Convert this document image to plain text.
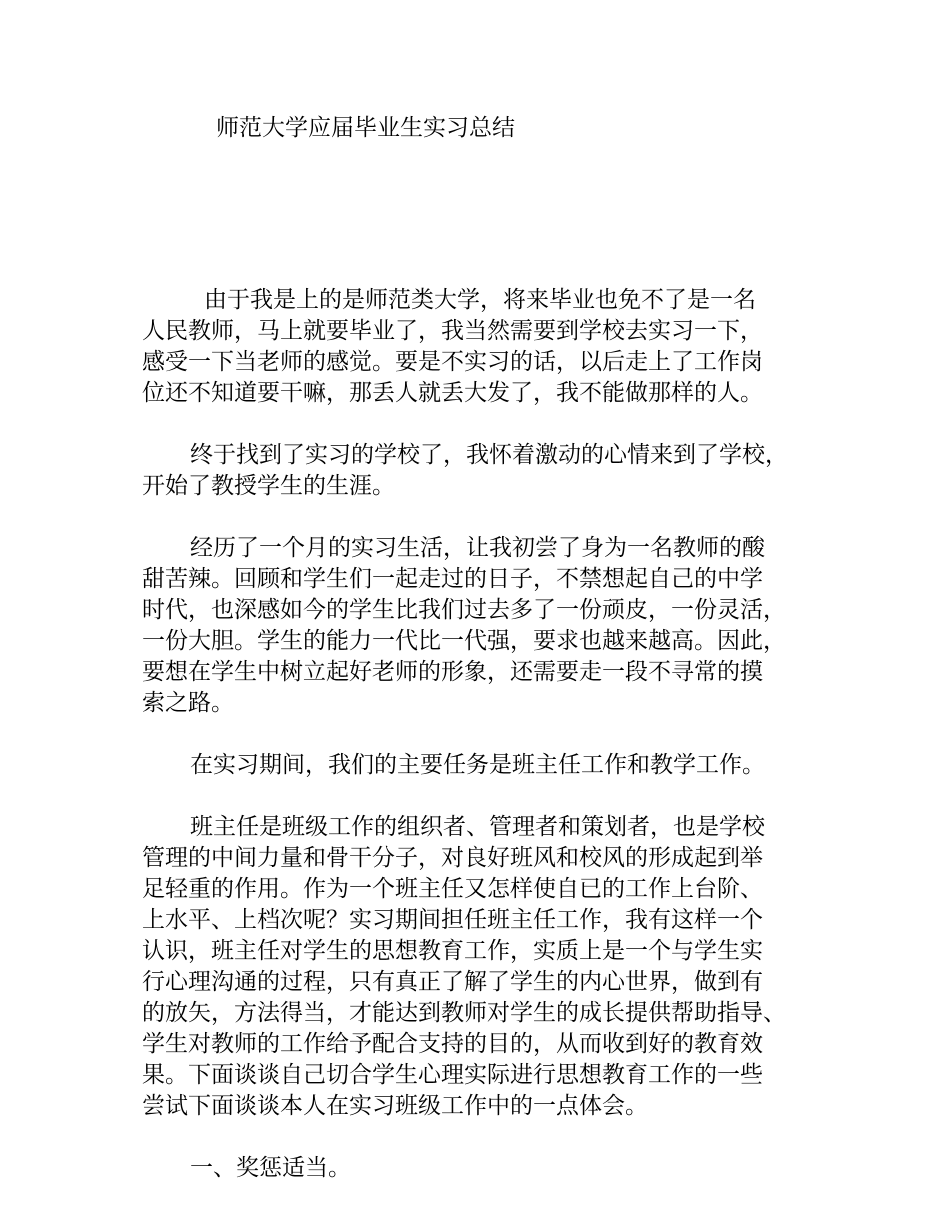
师范大学应届毕业生实习总结

由于我是上的是师范类大学，将来毕业也免不了是一名
人民教师，马上就要毕业了，我当然需要到学校去实习一下，
感受一下当老师的感觉。要是不实习的话，以后走上了工作岗
位还不知道要干嘛，那丢人就丢大发了，我不能做那样的人。

终于找到了实习的学校了，我怀着激动的心情来到了学校，
开始了教授学生的生涯。

经历了一个月的实习生活，让我初尝了身为一名教师的酸
甜苦辣。回顾和学生们一起走过的日子，不禁想起自己的中学
时代，也深感如今的学生比我们过去多了一份顽皮，一份灵活，
一份大胆。学生的能力一代比一代强，要求也越来越高。因此，
要想在学生中树立起好老师的形象，还需要走一段不寻常的摸
索之路。

在实习期间，我们的主要任务是班主任工作和教学工作。

班主任是班级工作的组织者、管理者和策划者，也是学校
管理的中间力量和骨干分子，对良好班风和校风的形成起到举
足轻重的作用。作为一个班主任又怎样使自已的工作上台阶、
上水平、上档次呢？实习期间担任班主任工作，我有这样一个
认识，班主任对学生的思想教育工作，实质上是一个与学生实
行心理沟通的过程，只有真正了解了学生的内心世界，做到有
的放矢，方法得当，才能达到教师对学生的成长提供帮助指导、
学生对教师的工作给予配合支持的目的，从而收到好的教育效
果。下面谈谈自己切合学生心理实际进行思想教育工作的一些
尝试下面谈谈本人在实习班级工作中的一点体会。

一、奖惩适当。
